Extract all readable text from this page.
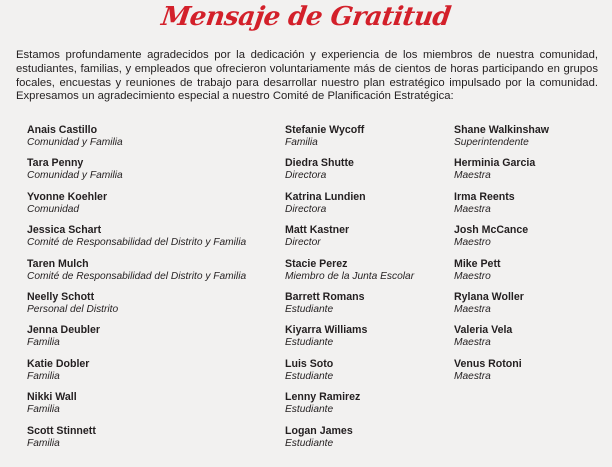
Mensaje de Gratitud

Estamos profundamente agradecidos por la dedicación y experiencia de los miembros de nuestra comunidad, estudiantes, familias, y empleados que ofrecieron voluntariamente más de cientos de horas participando en grupos focales, encuestas y reuniones de trabajo para desarrollar nuestro plan estratégico impulsado por la comunidad. Expresamos un agradecimiento especial a nuestro Comité de Planificación Estratégica:

Anais Castillo
Comunidad y Familia
Tara Penny
Comunidad y Familia
Yvonne Koehler
Comunidad
Jessica Schart
Comité de Responsabilidad del Distrito y Familia
Taren Mulch
Comité de Responsabilidad del Distrito y Familia
Neelly Schott
Personal del Distrito
Jenna Deubler
Familia
Katie Dobler
Familia
Nikki Wall
Familia
Scott Stinnett
Familia
Stefanie Wycoff
Familia
Diedra Shutte
Directora
Katrina Lundien
Directora
Matt Kastner
Director
Stacie Perez
Miembro de la Junta Escolar
Barrett Romans
Estudiante
Kiyarra Williams
Estudiante
Luis Soto
Estudiante
Lenny Ramirez
Estudiante
Logan James
Estudiante
Shane Walkinshaw
Superintendente
Herminia Garcia
Maestra
Irma Reents
Maestra
Josh McCance
Maestro
Mike Pett
Maestro
Rylana Woller
Maestra
Valeria Vela
Maestra
Venus Rotoni
Maestra
